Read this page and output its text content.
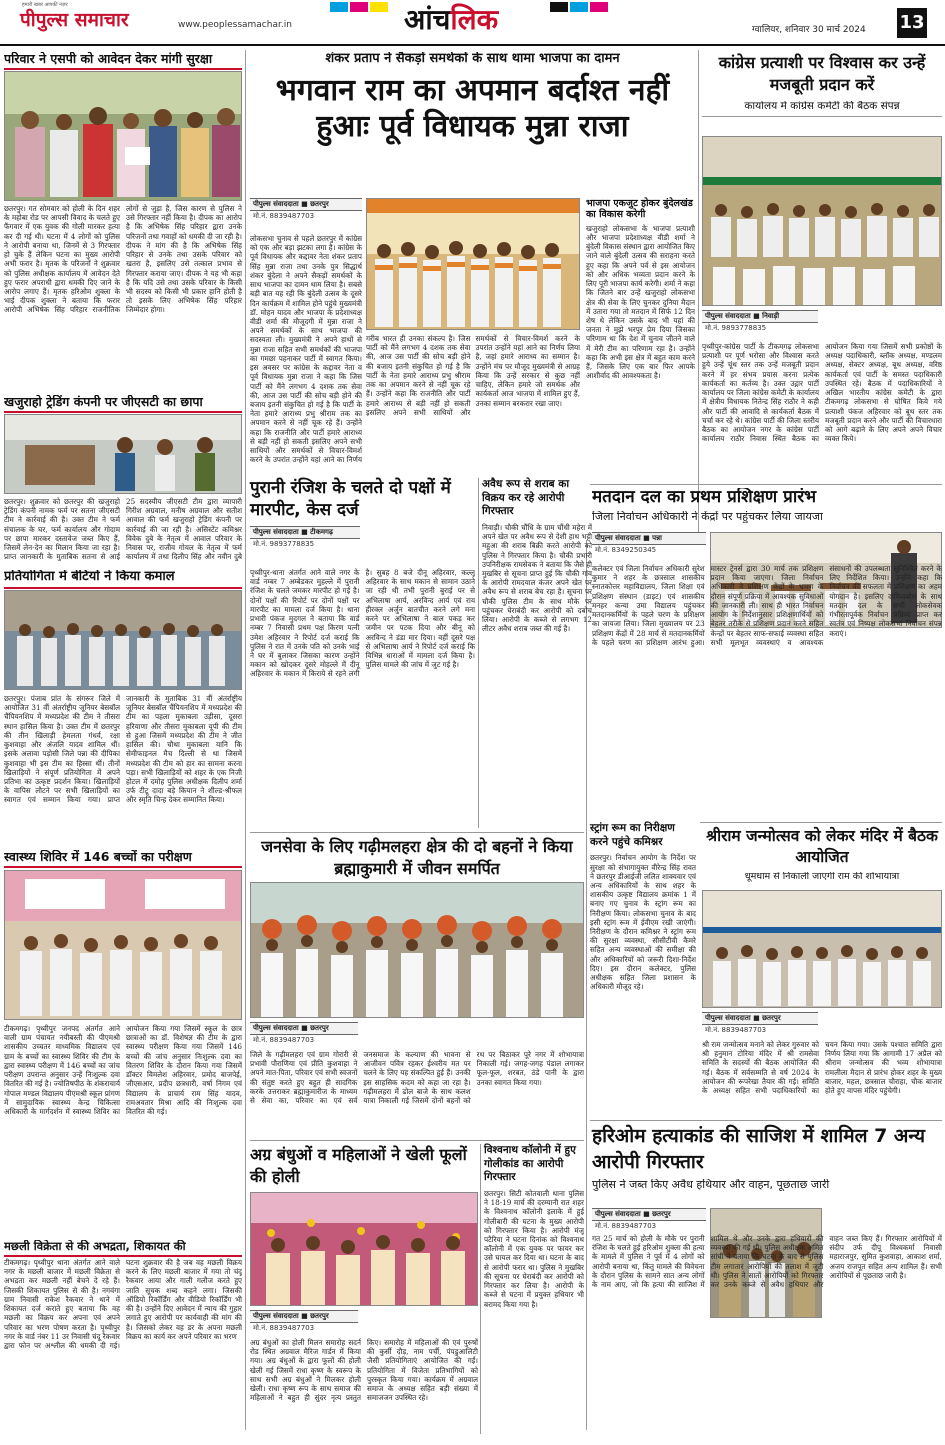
हमारी खबर आपकी नज़र
पीपुल्स समाचार	www.peoplessamachar.in	आंचलिक	ग्वालियर, शनिवार 30 मार्च 2024 13
परिवार ने एसपी को आवेदन देकर मांगी सुरक्षा
छतरपुर। गत सोमवार को होली के दिन शहर के महोबा रोड पर आपसी विवाद के चलते हुए फैंगवार में एक युवक की गोली मारकर हत्या कर दी गई थी। घटना में 4 लोगों को पुलिस ने आरोपी बनाया था, जिनमें से 3 गिरफ्तार हो चुके हैं लेकिन घटना का मुख्य आरोपी अभी फरार है। मृतक के परिजनों ने शुक्रवार को पुलिस अधीक्षक कार्यालय में आवेदन देते हुए फरार अपराधी द्वारा धमकी दिए जाने के आरोप लगाए हैं। मृतक हरिओम शुक्ला के भाई दीपक शुक्ला ने बताया कि फरार आरोपी अभिषेक सिंह परिहार राजनीतिक लोगों से जुड़ा है, जिस कारण से पुलिस ने उसे गिरफ्तार नहीं किया है। दीपक का आरोप है कि अभिषेक सिंह परिहार द्वारा उनके परिजनों तथा गवाहों को धमकी दी जा रही है। दीपक ने मांग की है कि अभिषेक सिंह परिहार से उनके तथा उसके परिवार को खतरा है, इसलिए उसे तत्काल प्रभाव से गिरफ्तार कराया जाए। दीपक ने यह भी कहा है कि यदि उसे तथा उसके परिवार के किसी भी सदस्य को किसी भी प्रकार हानि होती है तो इसके लिए अभिषेक सिंह परिहार जिम्मेदार होगा।
खजुराहो ट्रेडिंग कंपनी पर जीएसटी का छापा
छतरपुर। शुक्रवार को छतरपुर की खजुराहो ट्रेडिंग कंपनी नामक फर्म पर सतना जीएसटी टीम ने कार्रवाई की है। उक्त टीम ने फर्म संचालक के घर, फर्म कार्यालय और गोदाम पर छापा मारकर दस्तावेज जब्त किए हैं, जिसमें लेन-देन का मिलान किया जा रहा है। प्राप्त जानकारी के मुताबिक सतना से आई 25 सदस्यीय जीएसटी टीम द्वारा व्यापारी गिरीश अग्रवाल, मनीष अग्रवाल और सतीश आवाल की फर्म खजुराहो ट्रेडिंग कंपनी पर कार्रवाई की जा रही है। असिस्टेंट कमिश्नर विवेक दुबे के नेतृत्व में आवाल परिवार के निवास पर, राजीव गोयल के नेतृत्व में फर्म कार्यालय में तथा दिलीप सिंह और नवीन दुबे
प्रतियोगिता में बेटियों ने किया कमाल
छतरपुर। पंजाब प्रांत के संगरूर जिले में आयोजित 31 वीं अंतर्राष्ट्रीय जूनियर बेसबॉल चैंपियनशिप में मध्यप्रदेश की टीम ने तीसरा स्थान हासिल किया है। उक्त टीम में छतरपुर की तीन खिलाड़ी हेमलता गंधर्व, रक्षा कुशवाहा और अंजलि यादव शामिल थीं। इसके अलावा पड़ोसी जिले पन्ना की दीपिका कुशवाहा भी इस टीम का हिस्सा थीं। तीनों खिलाड़ियों ने संपूर्ण प्रतियोगिता में अपने प्रतिभा का उत्कृष्ट प्रदर्शन किया। खिलाड़ियों के वापिस लौटने पर सभी खिलाड़ियों का स्वागत एवं सम्मान किया गया। प्राप्त जानकारी के मुताबिक 31 वीं अंतर्राष्ट्रीय जूनियर बेसबॉल चैंपियनशिप में मध्यप्रदेश की टीम का पहला मुकाबला उड़ीसा, दूसरा हरियाणा और तीसरा मुकाबला यूपी की टीम से हुआ जिसमें मध्यप्रदेश की टीम ने जीत हासिल की। चौथा मुकाबला यानि कि सेमीफाइनल मैच दिल्ली से था जिसमें मध्यप्रदेश की टीम को हार का सामना करना पड़ा। सभी खिलाड़ियों को शहर के एक निजी होटल में दमोह पुलिस अधीक्षक दिलीप शर्मा उर्फ टीटू दादा बड़े कियान ने शील्ड-श्रीफल और स्मृति चिन्ह देकर सम्मानित किया।
स्वास्थ्य शिविर में 146 बच्चों का परीक्षण
टीकमगढ़। पृथ्वीपुर जनपद अंतर्गत आने वाली ग्राम पंचायत नयीबस्ती की पीएमश्री शासकीय उच्चतर माध्यमिक विद्यालय एवं ग्राम के बच्चों का स्वास्थ्य शिविर की टीम के द्वारा स्वास्थ्य परीक्षण में 146 बच्चों का जांच परीक्षण उपरान्त अनुसार उन्हें निःशुल्क दवा वितरित की गई है। ज्योतिषपीठ के शंकराचार्य गोपाल मण्डल विद्यालय पीएमश्री स्कूल प्रांगण में सामुदायिक स्वास्थ्य केन्द्र चिकित्सा अधिकारी के मार्गदर्शन में स्वास्थ्य शिविर का आयोजन किया गया जिसमें स्कूल के छात्र छात्राओं का डॉ. विशेषज्ञ की टीम के द्वारा स्वास्थ्य परीक्षण किया गया जिसमें 146 बच्चों की जांच अनुसार निःशुल्क दवा का वितरण शिविर के दौरान किया गया जिसमें डॉक्टर विमलेश अहिरवार, प्रमोद बाजपेई, जीएसआर, प्रदीप छत्रधारी, वर्षा निगम एवं विद्यालय के प्राचार्य राम सिंह यादव, रामअवतार मिश्रा आदि की निःशुल्क दवा वितरित की गई।
मछली विक्रेता से की अभद्रता, शिकायत की
टीकमगढ़। पृथ्वीपुर थाना अंतर्गत आने वाले नगर के मछली बाजार में मछली विक्रेता से अभद्रता कर मछली नहीं बेचने दे रहे हैं। जिसकी शिकायत पुलिस से की है। नगवंगा ग्राम निवासी राकेश रैकवार ने थाने में शिकायत दर्ज कराते हुए बताया कि वह मछली का विक्रय कर अपना एवं अपने परिवार का भरण पोषण करता है। पृथ्वीपुर नगर के वार्ड नंबर 11 उर निवासी चंदू रैकवार द्वारा फोन पर अश्लील की धमकी दी गई। घटना शुक्रवार की है जब वह मछली विक्रय करने के लिए मछली बाजार में गया तो चंदू रैकवार आया और गाली गलौज करते हुए जाति सूचक शब्द कहने लगा। जिसकी ऑडियो रिकॉर्डिंग और वीडियो रिकॉर्डिंग भी की है। उन्होंने दिए आवेदन में न्याय की गुहार लगाते हुए आरोपी पर कार्यवाही की मांग की है। जिसको लेकर वह डर के अपना मछली विक्रय का कार्य कर अपने परिवार का भरण
शंकर प्रताप ने सैकड़ों समर्थकों के साथ थामा भाजपा का दामन
भगवान राम का अपमान बर्दाश्त नहीं हुआः पूर्व विधायक मुन्ना राजा
पीपुल्स संवाददाता ■ छतरपुर
मो.नं. 8839487703
लोकसभा चुनाव से पहले छतरपुर में कांग्रेस को एक और बड़ा झटका लगा है। कांग्रेस के पूर्व विधायक और कद्दावर नेता शंकर प्रताप सिंह मुन्ना राजा तथा उनके पुत्र सिद्धार्थ शंकर बुंदेला ने अपने सैकड़ों समर्थकों के साथ भाजपा का दामन थाम लिया है। सबसे बड़ी बात यह रही कि बुंदेली उत्सव के दूसरे दिन कार्यक्रम में शामिल होने पहुंचे मुख्यमंत्री डॉ. मोहन यादव और भाजपा के प्रदेशाध्यक्ष वीडी शर्मा की मौजूदगी में मुन्ना राजा ने अपने समर्थकों के साथ भाजपा की सदस्यता ली। मुख्यमंत्री ने अपने हाथों से मुन्ना राजा सहित सभी समर्थकों की भाजपा का गमछा पहनाकर पार्टी में स्वागत किया। इस अवसर पर कांग्रेस के कद्दावर नेता व पूर्व विधायक मुन्ना राजा ने कहा कि जिस पार्टी को मैंने लगभग 4 दशक तक सेवा की, आज उस पार्टी की सोच बड़ी होने की बजाय इतनी संकुचित हो गई है कि पार्टी के नेता हमारे आराध्य प्रभु श्रीराम तक का अपमान करने से नहीं चूक रहे हैं। उन्होंने कहा कि राजनीति और पार्टी हमारे आराध्य से बड़ी नहीं हो सकती इसलिए अपने सभी साथियों और समर्थकों से विचार-विमर्श करने के उपरांत उन्होंने यहां आने का निर्णय
गरीब भारत ही उनका संकल्प है। जिस पार्टी को मैंने लगभग 4 दशक तक सेवा की, आज उस पार्टी की सोच बड़ी होने की बजाय इतनी संकुचित हो गई है कि पार्टी के नेता हमारे आराध्य प्रभु श्रीराम तक का अपमान करने से नहीं चूक रहे हैं। उन्होंने कहा कि राजनीति और पार्टी हमारे आराध्य से बड़ी नहीं हो सकती इसलिए अपने सभी साथियों और समर्थकों से विचार-विमर्श करने के उपरांत उन्होंने यहां आने का निर्णय लिया है, जहां हमारे आराध्य का सम्मान है। उन्होंने मंच पर मौजूद मुख्यमंत्री से आग्रह किया कि उन्हें सरकार से कुछ नहीं चाहिए, लेकिन हमारे जो समर्थक और कार्यकर्ता आज भाजपा में शामिल हुए हैं, उनका सम्मान बरकरार रखा जाए।
भाजपा एकजुट होकर बुंदेलखंड का विकास करेगी
खजुराहो लोकसभा के भाजपा प्रत्याशी और भाजपा प्रदेशाध्यक्ष वीडी शर्मा ने बुंदेली विकास संस्थान द्वारा आयोजित किए जाने वाले बुंदेली उत्सव की सराहना करते हुए कहा कि अपने पर्व से इस आयोजन को और अधिक भव्यता प्रदान करने के लिए पूरी भाजपा कार्य करेगी। शर्मा ने कहा कि जितने बार उन्हें खजुराहो लोकसभा क्षेत्र की सेवा के लिए चुनकर दुनिया मैदान में उतारा गया तो मतदान में सिर्फ 12 दिन शेष थे लेकिन उसके बाद भी यहां की जनता ने मुझे भरपूर प्रेम दिया जिसका परिणाम था कि देश में चुनाव जीतने वाले में मेरी टीम का परिणाम रहा है। उन्होंने कहा कि अभी इस क्षेत्र में बहुत काम करने हैं, जिसके लिए एक बार फिर आपके आशीर्वाद की आवश्यकता है।
कांग्रेस प्रत्याशी पर विश्वास कर उन्हें मजबूती प्रदान करें
कार्यालय में कांग्रेस कमेटी की बैठक संपन्न
पीपुल्स संवाददाता ■ निवाड़ी
मो.नं. 9893778835
पृथ्वीपुर-कांग्रेस पार्टी के टीकमगढ़ लोकसभा प्रत्याशी पर पूर्ण भरोसा और विश्वास करते हुये उन्हें चूंथ स्तर तक उन्हें मजबूती प्रदान करने में हर संभव प्रयास करना प्रत्येक कार्यकर्ता का कर्तव्य है। उक्त उद्गार पार्टी कार्यालय पर जिला कांग्रेस कमेटी के कार्यालय में क्षेत्रीय विधायक नितेन्द्र सिंह राठौर ने कही और पार्टी की आवादि से कार्यकर्ता बैठक में चर्चा कर रहे थे। कांग्रेस पार्टी की जिला स्तरीय बैठक का आयोजन नगर के कांग्रेस पार्टी कार्यालय राठौर निवास स्थित बैठक का आयोजन किया गया जिसमें सभी प्रकोष्ठों के अध्यक्ष पदाधिकारी, ब्लॉक अध्यक्ष, मण्डलम अध्यक्ष, सेक्टर अध्यक्ष, बूथ अध्यक्ष, वरिष्ठ कार्यकर्ता एवं पार्टी के समस्त पदाधिकारी उपस्थित रहे। बैठक में पदाधिकारियों ने अखिल भारतीय कांग्रेस कमेटी के द्वारा टीकमगढ़ लोकसभा से घोषित किये गये प्रत्याशी पंकज अहिरवार को बूथ स्तर तक मजबूती प्रदान करने और पार्टी की विचारधारा को आगे बढ़ाने के लिए अपने अपने विचार व्यक्त किये।
पुरानी रंजिश के चलते दो पक्षों में मारपीट, केस दर्ज
पीपुल्स संवाददाता ■ टीकमगढ़
मो.नं. 9893778835
पृथ्वीपुर-थाना अंतर्गत आने वाले नगर के वार्ड नम्बर 7 अम्बेडकर मुहल्ले में पुरानी रंजिश के चलते जमकर मारपीट हो गई है। दोनों पक्षों की रिपोर्ट पर दोनों पक्षों पर मारपीट का मामला दर्ज किया है। थाना प्रभारी पंकज मुदगल ने बताया कि वार्ड नम्बर 7 निवासी प्रथम पक्ष किरण पत्नी उमेश अहिरवार ने रिपोर्ट दर्ज कराई कि पुलिस ने रात में उनके पति को उनके भाई ने घर में बुलाकर जिसका कारण उन्होंने मकान को खोदकर दूसरे मोहल्ले में दीनू अहिरवार के मकान में किराये से रहने लगी है। सुबह 8 बजे दीनू अहिरवार, कल्लू अहिरवार के साथ मकान से सामान उठाने जा रही थी तभी पुरानी बुराई पर से अभिलाषा आर्य, अरविन्द आर्य एवं राय हीरक्ल अर्जुन बातचीत करने लगे मना करने पर अभिलाषा ने बाल पकड़ कर जमीन पर पटक दिया और बीनू को अरविन्द ने डंडा मार दिया। वहीं दूसरे पक्ष से अभिलाषा आर्य ने रिपोर्ट दर्ज कराई कि विभिन्न धाराओं में मामला दर्ज किया है। पुलिस मामले की जांच में जुट गई है।
अवैध रूप से शराब का विक्रय कर रहे आरोपी गिरफ्तार
निवाड़ी। चौकी चौंधि के ग्राम चौंधी महेरा में अपने खेत पर अवैध रूप से देशी हाथ भट्टी महुआ की शराब बिक्री करते आरोपी को पुलिस ने गिरफ्तार किया है। चौकी प्रभारी उपनिरीक्षक रामसेवक ने बताया कि जैसे ही मुखबिर से सूचना प्राप्त हुई कि चौकी गांव के आरोपी रामदयाल कंजर अपने खेत पर अवैध रूप से शराब बेच रहा है। सूचना पर चौकी पुलिस टीम के साथ मौके पर पहुंचकर घेराबंदी कर आरोपी को दबोच लिया। आरोपी के कब्जे से लगभग 12 लीटर अवैध शराब जब्त की गई है।
मतदान दल का प्रथम प्रशिक्षण प्रारंभ
जिला निर्वाचन अधिकारी ने केंद्रों पर पहुंचकर लिया जायजा
पीपुल्स संवाददाता ■ पन्ना
मो.नं. 8349250345
कलेक्टर एवं जिला निर्वाचन अधिकारी सुरेश कुमार ने शहर के छत्रसाल शासकीय स्नातकोत्तर महाविद्यालय, जिला शिक्षा एवं प्रशिक्षण संस्थान (डाइट) एवं शासकीय मनहर कन्या उमा विद्यालय पहुंचकर मतदानकर्मियों के पहले चरण के प्रशिक्षण का जायजा लिया। जिला मुख्यालय पर 23 प्रशिक्षण केंद्रों में 28 मार्च से मतदानकर्मियों के पहले चरण का प्रशिक्षण आरंभ हुआ। मास्टर ट्रेनर्स द्वारा 30 मार्च तक प्रशिक्षण प्रदान किया जाएगा। जिला निर्वाचन अधिकारी ने प्रशिक्षण केंद्रों के भ्रमण के दौरान संपूर्ण प्रक्रिया में आवश्यक सुविधाओं की जानकारी ली। साथ ही भारत निर्वाचन आयोग के निर्देशानुसार प्रशिक्षणार्थियों को बेहतर तरीके से प्रशिक्षण प्रदान करने सहित केन्द्रों पर बेहतर साफ-सफाई व्यवस्था सहित सभी मूलभूत व्यवस्थाएं व आवश्यक संसाधनों की उपलब्धता सुनिश्चित करने के लिए निर्देशित किया। उन्होंने कहा कि निर्वाचन की सफलता में प्रशिक्षण का अहम योगदान है। इसलिए दायित्वबोध के साथ मतदान दल के सभी लोकसेवक गंभीरतापूर्वक निर्वाचन प्रक्रिया प्राप्त कर स्वतंत्र एवं निष्पक्ष लोकसभा निर्वाचन संपन्न कराएं।
जनसेवा के लिए गढ़ीमलहरा क्षेत्र की दो बहनों ने किया ब्रह्माकुमारी में जीवन समर्पित
पीपुल्स संवाददाता ■ छतरपुर
मो.नं. 8839487703
जिले के गढ़ीमलहरा एवं ग्राम गोरारी से प्रभावी पौराणिया एवं प्रीति कुशवाहा ने अपने मात-पिता, परिवार एवं सभी स्वजनों की संतुष्ट करते हुए बहुत ही सादगिक करके उत्तराकर ब्रह्माकुमारीज के माध्यम से सेवा का, परिवार का एवं सर्व जनसमाज के कल्याण की भावना से आजीवन पवित्र रहकर ईश्वरीय मत पर चलने के लिए यह संकल्पित हुई हैं। उनकी इस साहसिक कदम को कहा जा रहा है। गढ़ीमलहरा में ढोल बाजे के साथ कलश यात्रा निकाली गई जिसमें दोनों बहनों को रथ पर बिठाकर पूरे नगर में शोभायात्रा निकाली गई। जगह-जगह पंडाल लगाकर फूल-फूल, शरबत, ठंडे पानी के द्वारा उनका स्वागत किया गया।
स्ट्रांग रूम का निरीक्षण करने पहुंचे कमिश्नर
छतरपुर। निर्वाचन आयोग के निर्देश पर सुरक्षा को संभागायुक्त वीरेन्द्र सिंह रावत ने छतरपुर डीआईजी ललित शाक्यवार एवं अन्य अधिकारियों के साथ शहर के शासकीय उत्कृष्ट विद्यालय क्रमांक 1 में बनाए गए चुनाव के स्ट्रांग रूम का निरीक्षण किया। लोकसभा चुनाव के बाद इसी स्ट्रांग रूम में ईवीएम रखी जाएंगी। निरीक्षण के दौरान कमिश्नर ने स्ट्रांग रूम की सुरक्षा व्यवस्था, सीसीटीवी कैमरे सहित अन्य व्यवस्थाओं की समीक्षा की और अधिकारियों को जरूरी दिशा-निर्देश दिए। इस दौरान कलेक्टर, पुलिस अधीक्षक सहित जिला प्रशासन के अधिकारी मौजूद रहे।
श्रीराम जन्मोत्सव को लेकर मंदिर में बैठक आयोजित
धूमधाम से निकाली जाएगी राम की शोभायात्रा
पीपुल्स संवाददाता ■ छतरपुर
मो.नं. 8839487703
श्री राम जन्मोत्सव मनाने को लेकर गुरुवार को श्री हनुमान टोरिया मंदिर में श्री रामसेवा समिति के सदस्यों की बैठक आयोजित की गई। बैठक में सर्वसम्मति से वर्ष 2024 के आयोजन की रूपरेखा तैयार की गई। समिति के अध्यक्ष सहित सभी पदाधिकारियों का चयन किया गया। उसके पश्चात समिति द्वारा निर्णय लिया गया कि आगामी 17 अप्रैल को श्रीराम जन्मोत्सव की भव्य शोभायात्रा रामलीला मैदान से प्रारंभ होकर शहर के मुख्य बाजार, महल, छत्रसाल चौराहा, चौक बाजार होते हुए वापस मंदिर पहुंचेगी।
अग्र बंधुओं व महिलाओं ने खेली फूलों की होली
पीपुल्स संवाददाता ■ छतरपुर
मो.नं. 8839487703
अग्र बंधुओं का होली मिलन समारोह सदर्न रोड स्थित अग्रवाल मैरिज गार्डन में किया गया। अग्र बंधुओं के द्वारा फूलों की होली खेली गई जिसमें राधा कृष्ण के स्वरूप के साथ सभी अग्र बंधुओं ने मिलकर होली खेली। राधा कृष्ण रूप के साथ समाज की महिलाओं ने बहुत ही सुंदर नृत्य प्रस्तुत किए। समारोह में महिलाओं की एवं पुरुषों की कुर्सी दौड़, नाम पर्ची, पंपडुआलिटी जैसी प्रतियोगिताएं आयोजित की गईं। प्रतियोगिता में विजेता प्रतिभागियों को पुरस्कृत किया गया। कार्यक्रम में अग्रवाल समाज के अध्यक्ष सहित बड़ी संख्या में समाजजन उपस्थित रहे।
विश्वनाथ कॉलोनी में हुए गोलीकांड का आरोपी गिरफ्तार
छतरपुर। सिटी कोतवाली थाना पुलिस ने 18-19 मार्च की दरम्यानी रात शहर के विश्वनाथ कॉलोनी इलाके में हुई गोलीबारी की घटना के मुख्य आरोपी को गिरफ्तार किया है। आरोपी मंजू पटैरिया ने घटना दिनांक को विश्वनाथ कॉलोनी में एक युवक पर फायर कर उसे घायल कर दिया था। घटना के बाद से आरोपी फरार था। पुलिस ने मुखबिर की सूचना पर घेराबंदी कर आरोपी को गिरफ्तार कर लिया है। आरोपी के कब्जे से घटना में प्रयुक्त हथियार भी बरामद किया गया है।
हरिओम हत्याकांड की साजिश में शामिल 7 अन्य आरोपी गिरफ्तार
पुलिस ने जब्त किए अवैध हथियार और वाहन, पूछताछ जारी
पीपुल्स संवाददाता ■ छतरपुर
मो.नं. 8839487703
गत 25 मार्च को होली के मौके पर पुरानी रंजिश के चलते हुई हरिओम शुक्ला की हत्या के मामले में पुलिस ने पूर्व में 4 लोगों को आरोपी बनाया था, किंतु मामले की विवेचना के दौरान पुलिस के सामने सात अन्य लोगों के नाम आए, जो कि हत्या की साजिश में शामिल थे और उनके द्वारा हथियारों की व्यवस्था की गई थी। पुलिस अधीक्षक अमित सांघी ने बताया कि घटना के बाद से पुलिस टीम लगातार आरोपियों की तलाश में जुटी थी। पुलिस ने सातों आरोपियों को गिरफ्तार कर उनके कब्जे से अवैध हथियार और वाहन जब्त किए हैं। गिरफ्तार आरोपियों में संदीप उर्फ दीपू विश्वकर्मा निवासी महाराजपुर, सुमित कुशवाहा, आकाश शर्मा, अजय राजपूत सहित अन्य शामिल हैं। सभी आरोपियों से पूछताछ जारी है।
